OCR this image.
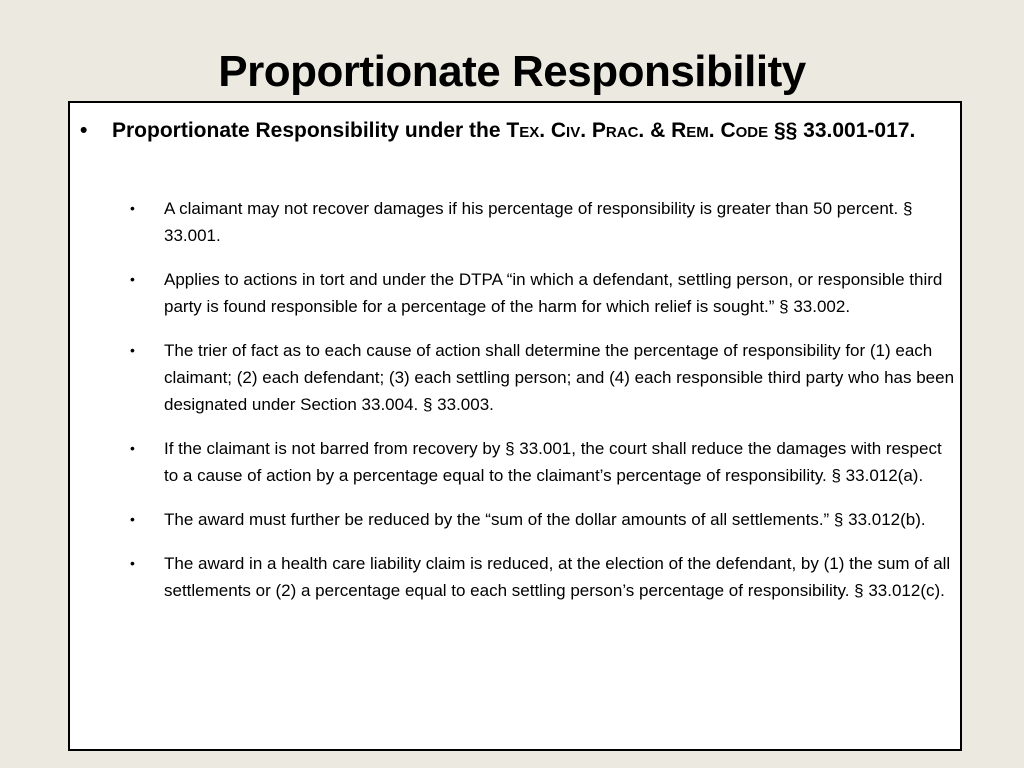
Proportionate Responsibility
• Proportionate Responsibility under the Tex. Civ. Prac. & Rem. Code §§ 33.001-017.
• A claimant may not recover damages if his percentage of responsibility is greater than 50 percent. § 33.001.
• Applies to actions in tort and under the DTPA “in which a defendant, settling person, or responsible third party is found responsible for a percentage of the harm for which relief is sought.” § 33.002.
• The trier of fact as to each cause of action shall determine the percentage of responsibility for (1) each claimant; (2) each defendant; (3) each settling person; and (4) each responsible third party who has been designated under Section 33.004. § 33.003.
• If the claimant is not barred from recovery by § 33.001, the court shall reduce the damages with respect to a cause of action by a percentage equal to the claimant’s percentage of responsibility. § 33.012(a).
• The award must further be reduced by the “sum of the dollar amounts of all settlements.” § 33.012(b).
• The award in a health care liability claim is reduced, at the election of the defendant, by (1) the sum of all settlements or (2) a percentage equal to each settling person’s percentage of responsibility. § 33.012(c).
